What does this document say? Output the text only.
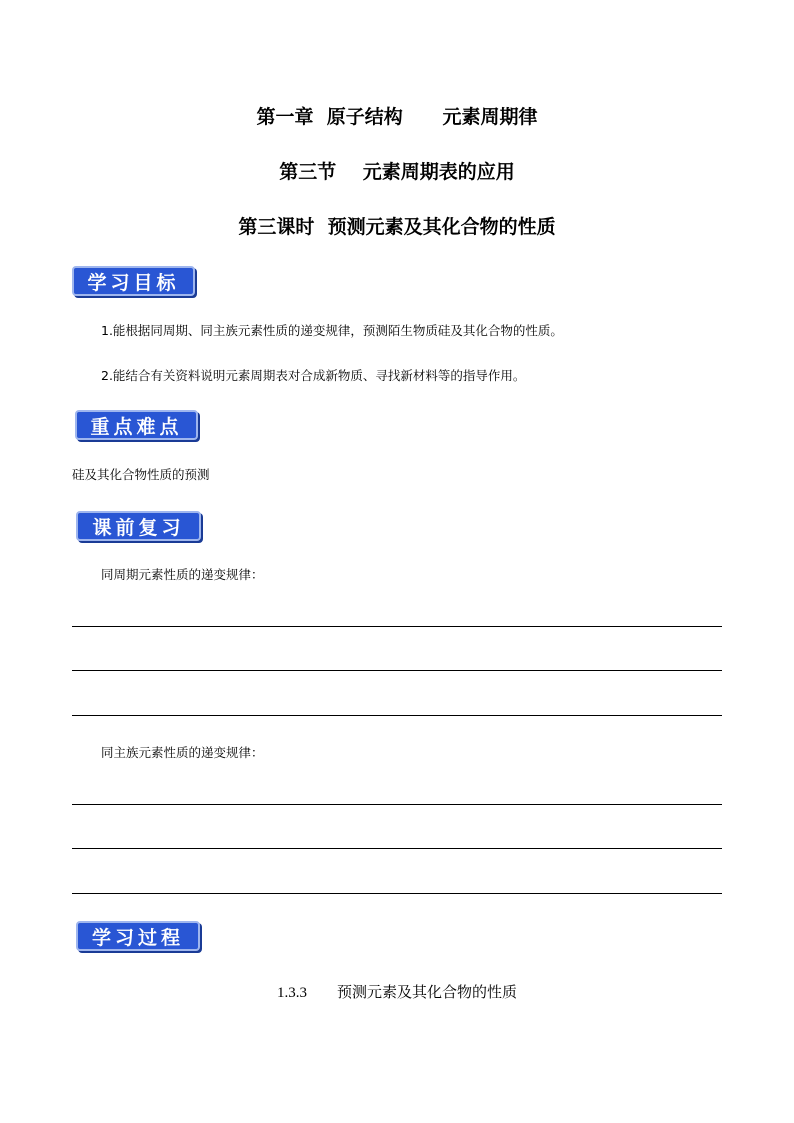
第一章  原子结构      元素周期律
第三节    元素周期表的应用
第三课时  预测元素及其化合物的性质
学习目标
1.能根据同周期、同主族元素性质的递变规律，预测陌生物质硅及其化合物的性质。
2.能结合有关资料说明元素周期表对合成新物质、寻找新材料等的指导作用。
重点难点
硅及其化合物性质的预测
课前复习
同周期元素性质的递变规律：
同主族元素性质的递变规律：
学习过程
1.3.3 预测元素及其化合物的性质
